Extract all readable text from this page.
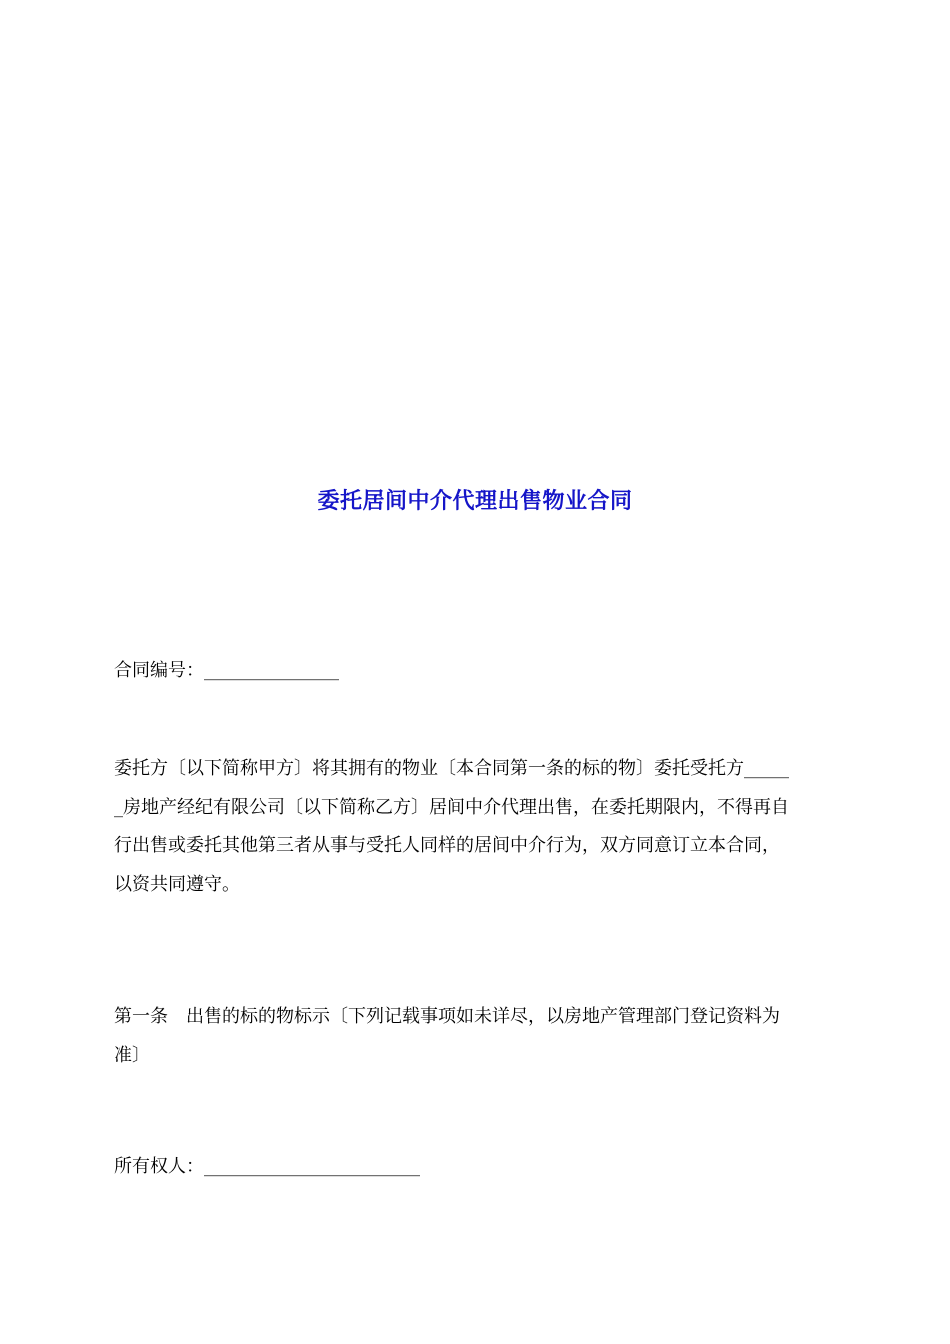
委托居间中介代理出售物业合同

合同编号：_______________

委托方〔以下简称甲方〕将其拥有的物业〔本合同第一条的标的物〕委托受托方_____
_房地产经纪有限公司〔以下简称乙方〕居间中介代理出售，在委托期限内，不得再自
行出售或委托其他第三者从事与受托人同样的居间中介行为，双方同意订立本合同，
以资共同遵守。

第一条 出售的标的物标示〔下列记载事项如未详尽，以房地产管理部门登记资料为
准〕

所有权人：________________________
